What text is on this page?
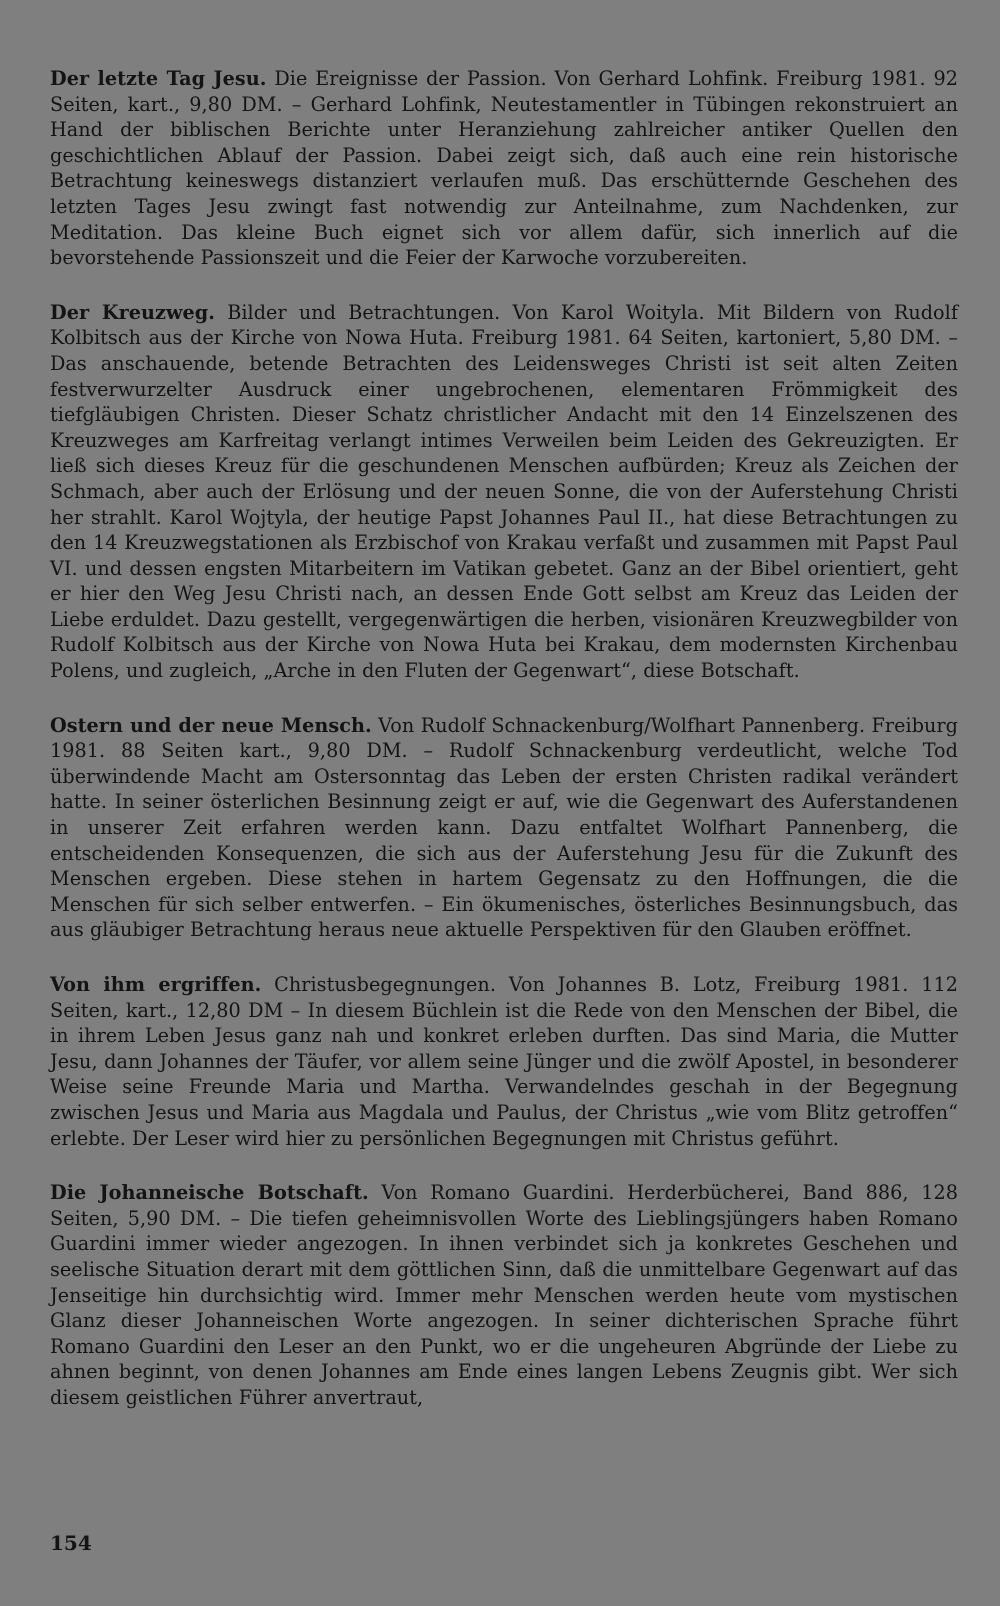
Der letzte Tag Jesu. Die Ereignisse der Passion. Von Gerhard Lohfink. Freiburg 1981. 92 Seiten, kart., 9,80 DM. – Gerhard Lohfink, Neutestamentler in Tübingen rekonstruiert an Hand der biblischen Berichte unter Heranziehung zahlreicher antiker Quellen den geschichtlichen Ablauf der Passion. Dabei zeigt sich, daß auch eine rein historische Betrachtung keineswegs distanziert verlaufen muß. Das erschütternde Geschehen des letzten Tages Jesu zwingt fast notwendig zur Anteilnahme, zum Nachdenken, zur Meditation. Das kleine Buch eignet sich vor allem dafür, sich innerlich auf die bevorstehende Passionszeit und die Feier der Karwoche vorzubereiten.

Der Kreuzweg. Bilder und Betrachtungen. Von Karol Woityla. Mit Bildern von Rudolf Kolbitsch aus der Kirche von Nowa Huta. Freiburg 1981. 64 Seiten, kartoniert, 5,80 DM. – Das anschauende, betende Betrachten des Leidensweges Christi ist seit alten Zeiten festverwurzelter Ausdruck einer ungebrochenen, elementaren Frömmigkeit des tiefgläubigen Christen. Dieser Schatz christlicher Andacht mit den 14 Einzelszenen des Kreuzweges am Karfreitag verlangt intimes Verweilen beim Leiden des Gekreuzigten. Er ließ sich dieses Kreuz für die geschundenen Menschen aufbürden; Kreuz als Zeichen der Schmach, aber auch der Erlösung und der neuen Sonne, die von der Auferstehung Christi her strahlt. Karol Wojtyla, der heutige Papst Johannes Paul II., hat diese Betrachtungen zu den 14 Kreuzwegstationen als Erzbischof von Krakau verfaßt und zusammen mit Papst Paul VI. und dessen engsten Mitarbeitern im Vatikan gebetet. Ganz an der Bibel orientiert, geht er hier den Weg Jesu Christi nach, an dessen Ende Gott selbst am Kreuz das Leiden der Liebe erduldet. Dazu gestellt, vergegenwärtigen die herben, visionären Kreuzwegbilder von Rudolf Kolbitsch aus der Kirche von Nowa Huta bei Krakau, dem modernsten Kirchenbau Polens, und zugleich, „Arche in den Fluten der Gegenwart“, diese Botschaft.

Ostern und der neue Mensch. Von Rudolf Schnackenburg/Wolfhart Pannenberg. Freiburg 1981. 88 Seiten kart., 9,80 DM. – Rudolf Schnackenburg verdeutlicht, welche Tod überwindende Macht am Ostersonntag das Leben der ersten Christen radikal verändert hatte. In seiner österlichen Besinnung zeigt er auf, wie die Gegenwart des Auferstandenen in unserer Zeit erfahren werden kann. Dazu entfaltet Wolfhart Pannenberg, die entscheidenden Konsequenzen, die sich aus der Auferstehung Jesu für die Zukunft des Menschen ergeben. Diese stehen in hartem Gegensatz zu den Hoffnungen, die die Menschen für sich selber entwerfen. – Ein ökumenisches, österliches Besinnungsbuch, das aus gläubiger Betrachtung heraus neue aktuelle Perspektiven für den Glauben eröffnet.

Von ihm ergriffen. Christusbegegnungen. Von Johannes B. Lotz, Freiburg 1981. 112 Seiten, kart., 12,80 DM – In diesem Büchlein ist die Rede von den Menschen der Bibel, die in ihrem Leben Jesus ganz nah und konkret erleben durften. Das sind Maria, die Mutter Jesu, dann Johannes der Täufer, vor allem seine Jünger und die zwölf Apostel, in besonderer Weise seine Freunde Maria und Martha. Verwandelndes geschah in der Begegnung zwischen Jesus und Maria aus Magdala und Paulus, der Christus „wie vom Blitz getroffen“ erlebte. Der Leser wird hier zu persönlichen Begegnungen mit Christus geführt.

Die Johanneische Botschaft. Von Romano Guardini. Herderbücherei, Band 886, 128 Seiten, 5,90 DM. – Die tiefen geheimnisvollen Worte des Lieblingsjüngers haben Romano Guardini immer wieder angezogen. In ihnen verbindet sich ja konkretes Geschehen und seelische Situation derart mit dem göttlichen Sinn, daß die unmittelbare Gegenwart auf das Jenseitige hin durchsichtig wird. Immer mehr Menschen werden heute vom mystischen Glanz dieser Johanneischen Worte angezogen. In seiner dichterischen Sprache führt Romano Guardini den Leser an den Punkt, wo er die ungeheuren Abgründe der Liebe zu ahnen beginnt, von denen Johannes am Ende eines langen Lebens Zeugnis gibt. Wer sich diesem geistlichen Führer anvertraut,

154
